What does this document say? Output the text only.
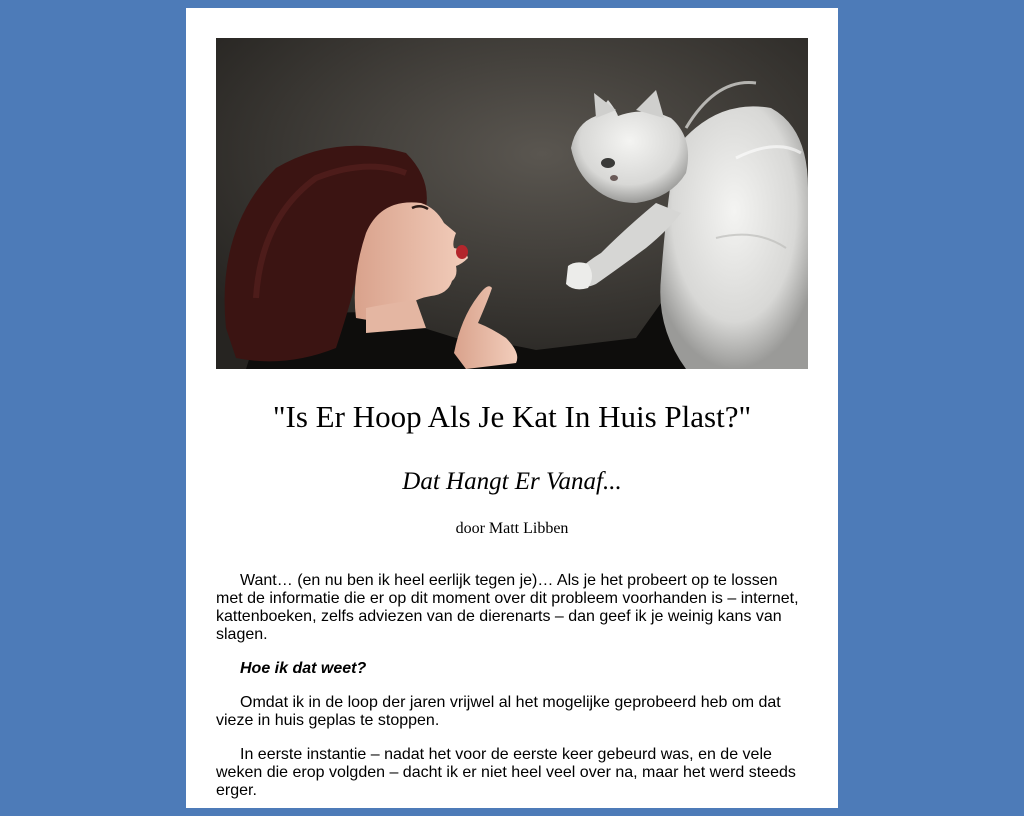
"Is Er Hoop Als Je Kat In Huis Plast?"
Dat Hangt Er Vanaf...
door Matt Libben

Want… (en nu ben ik heel eerlijk tegen je)… Als je het probeert op te lossen met de informatie die er op dit moment over dit probleem voorhanden is – internet, kattenboeken, zelfs adviezen van de dierenarts – dan geef ik je weinig kans van slagen.

Hoe ik dat weet?

Omdat ik in de loop der jaren vrijwel al het mogelijke geprobeerd heb om dat vieze in huis geplas te stoppen.

In eerste instantie – nadat het voor de eerste keer gebeurd was, en de vele weken die erop volgden – dacht ik er niet heel veel over na, maar het werd steeds erger.
